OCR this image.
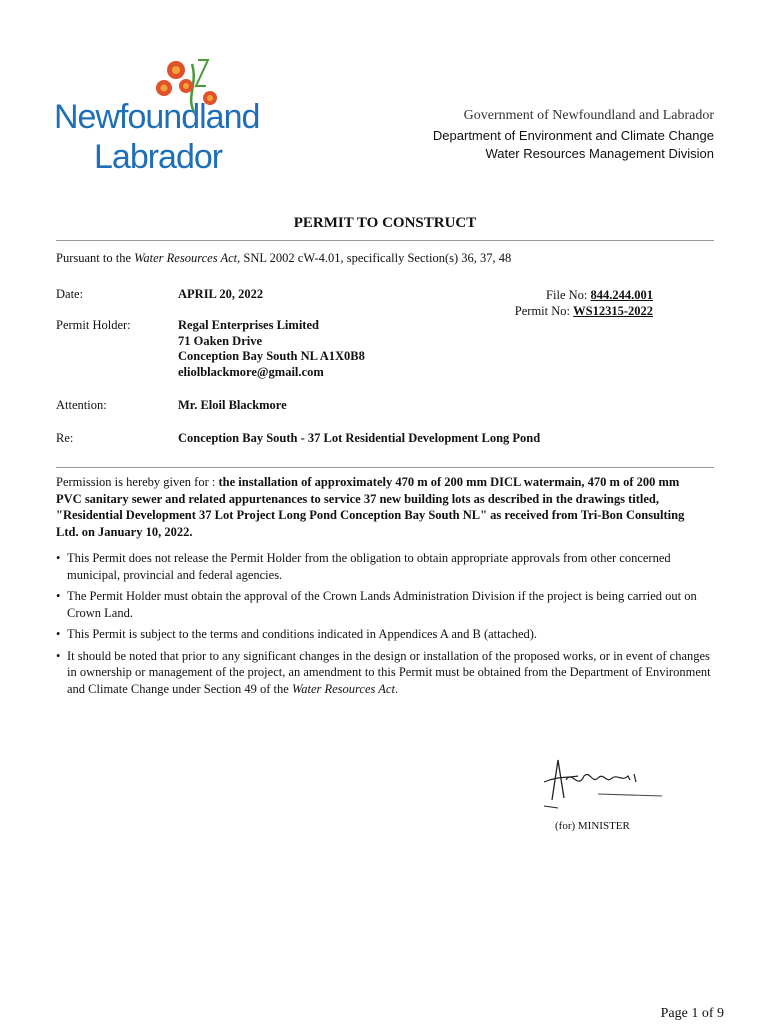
Newfoundland
Labrador
Government of Newfoundland and Labrador
Department of Environment and Climate Change
Water Resources Management Division
PERMIT TO CONSTRUCT
Pursuant to the Water Resources Act, SNL 2002 cW-4.01, specifically Section(s) 36, 37, 48
Date:	APRIL 20, 2022	File No: 844.244.001
Permit No: WS12315-2022
Permit Holder:	Regal Enterprises Limited
71 Oaken Drive
Conception Bay South NL A1X0B8
eliolblackmore@gmail.com
Attention:	Mr. Eloil Blackmore
Re:	Conception Bay South - 37 Lot Residential Development Long Pond
Permission is hereby given for : the installation of approximately 470 m of 200 mm DICL watermain, 470 m of 200 mm PVC sanitary sewer and related appurtenances to service 37 new building lots as described in the drawings titled, "Residential Development 37 Lot Project Long Pond Conception Bay South NL" as received from Tri-Bon Consulting Ltd. on January 10, 2022.
• This Permit does not release the Permit Holder from the obligation to obtain appropriate approvals from other concerned municipal, provincial and federal agencies.
• The Permit Holder must obtain the approval of the Crown Lands Administration Division if the project is being carried out on Crown Land.
• This Permit is subject to the terms and conditions indicated in Appendices A and B (attached).
• It should be noted that prior to any significant changes in the design or installation of the proposed works, or in event of changes in ownership or management of the project, an amendment to this Permit must be obtained from the Department of Environment and Climate Change under Section 49 of the Water Resources Act.
(for) MINISTER
Page 1 of 9
